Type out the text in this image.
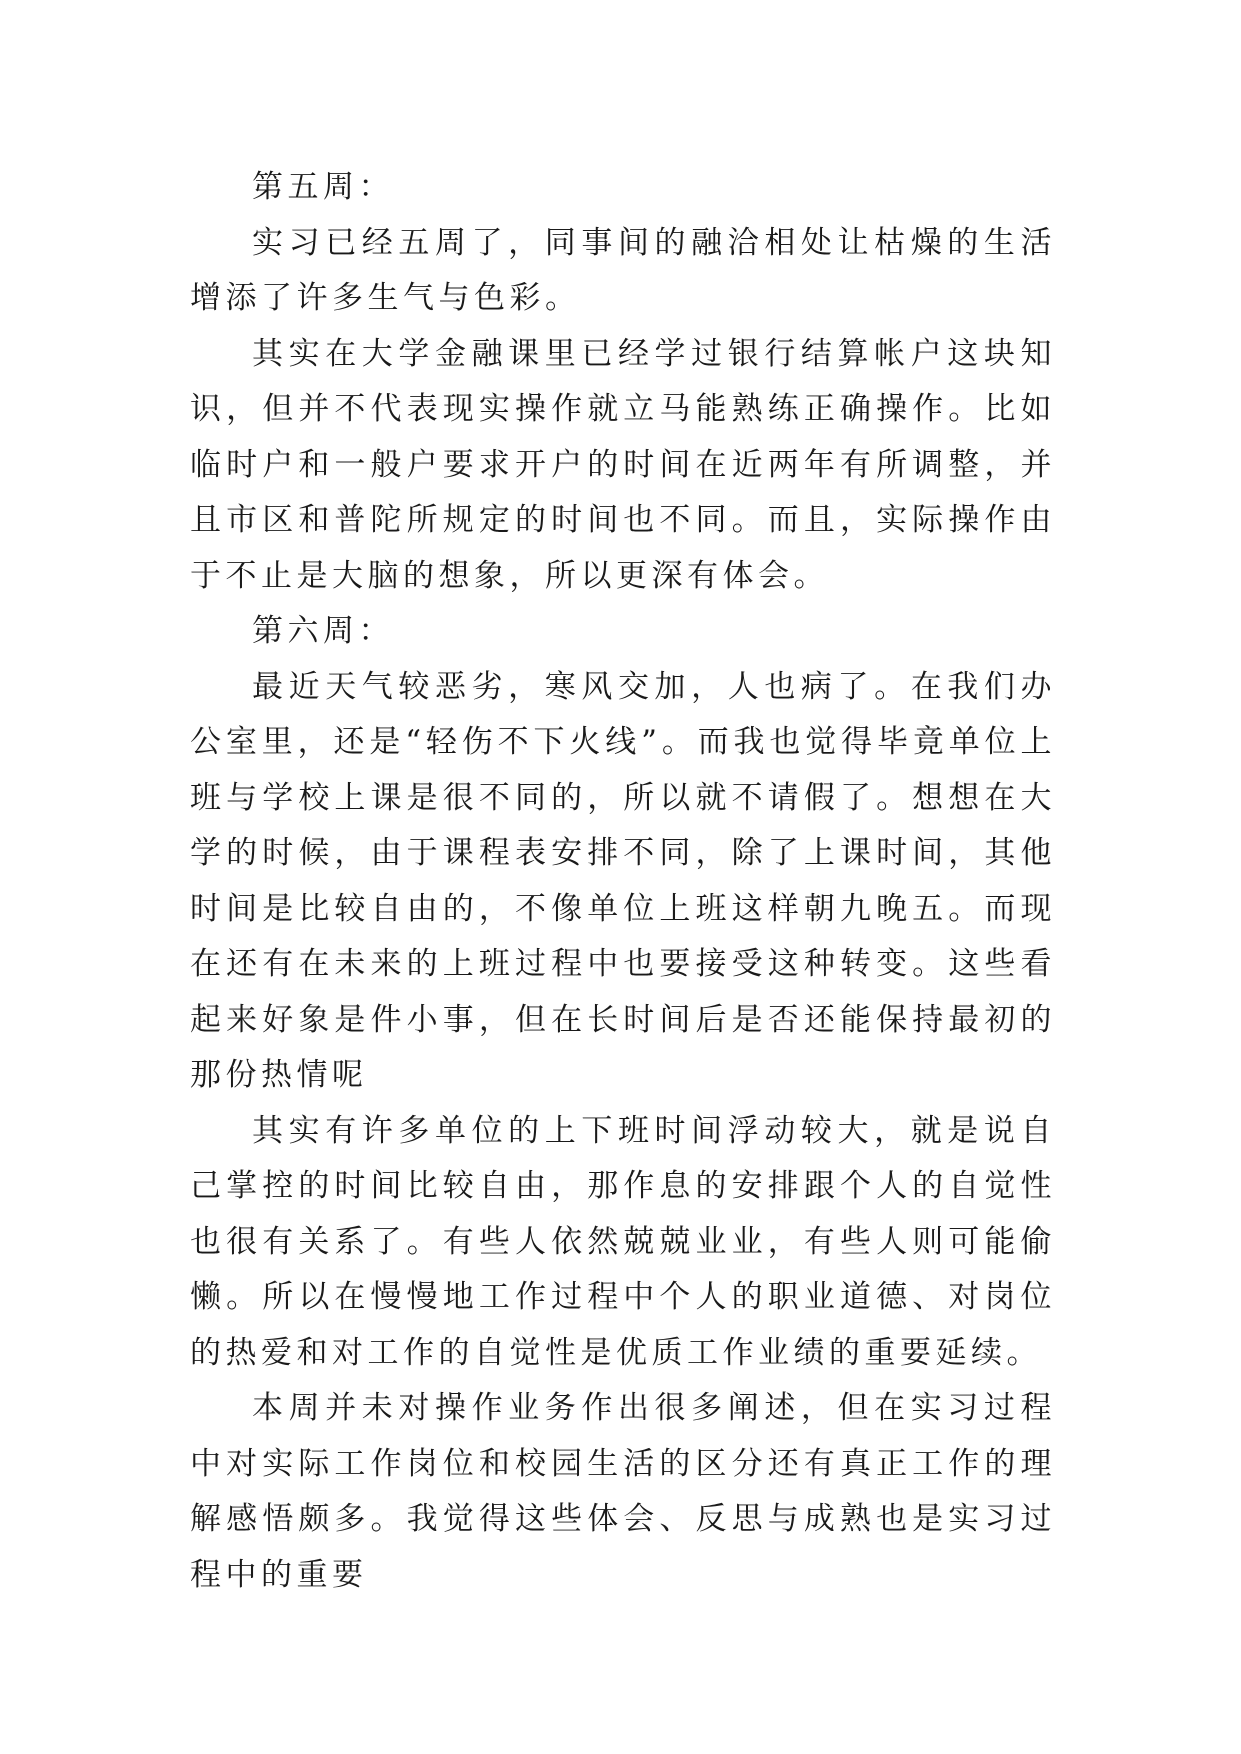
第五周：

实习已经五周了，同事间的融洽相处让枯燥的生活增添了许多生气与色彩。

其实在大学金融课里已经学过银行结算帐户这块知识，但并不代表现实操作就立马能熟练正确操作。比如临时户和一般户要求开户的时间在近两年有所调整，并且市区和普陀所规定的时间也不同。而且，实际操作由于不止是大脑的想象，所以更深有体会。

第六周：

最近天气较恶劣，寒风交加，人也病了。在我们办公室里，还是“轻伤不下火线”。而我也觉得毕竟单位上班与学校上课是很不同的，所以就不请假了。想想在大学的时候，由于课程表安排不同，除了上课时间，其他时间是比较自由的，不像单位上班这样朝九晚五。而现在还有在未来的上班过程中也要接受这种转变。这些看起来好象是件小事，但在长时间后是否还能保持最初的那份热情呢

其实有许多单位的上下班时间浮动较大，就是说自己掌控的时间比较自由，那作息的安排跟个人的自觉性也很有关系了。有些人依然兢兢业业，有些人则可能偷懒。所以在慢慢地工作过程中个人的职业道德、对岗位的热爱和对工作的自觉性是优质工作业绩的重要延续。

本周并未对操作业务作出很多阐述，但在实习过程中对实际工作岗位和校园生活的区分还有真正工作的理解感悟颇多。我觉得这些体会、反思与成熟也是实习过程中的重要
